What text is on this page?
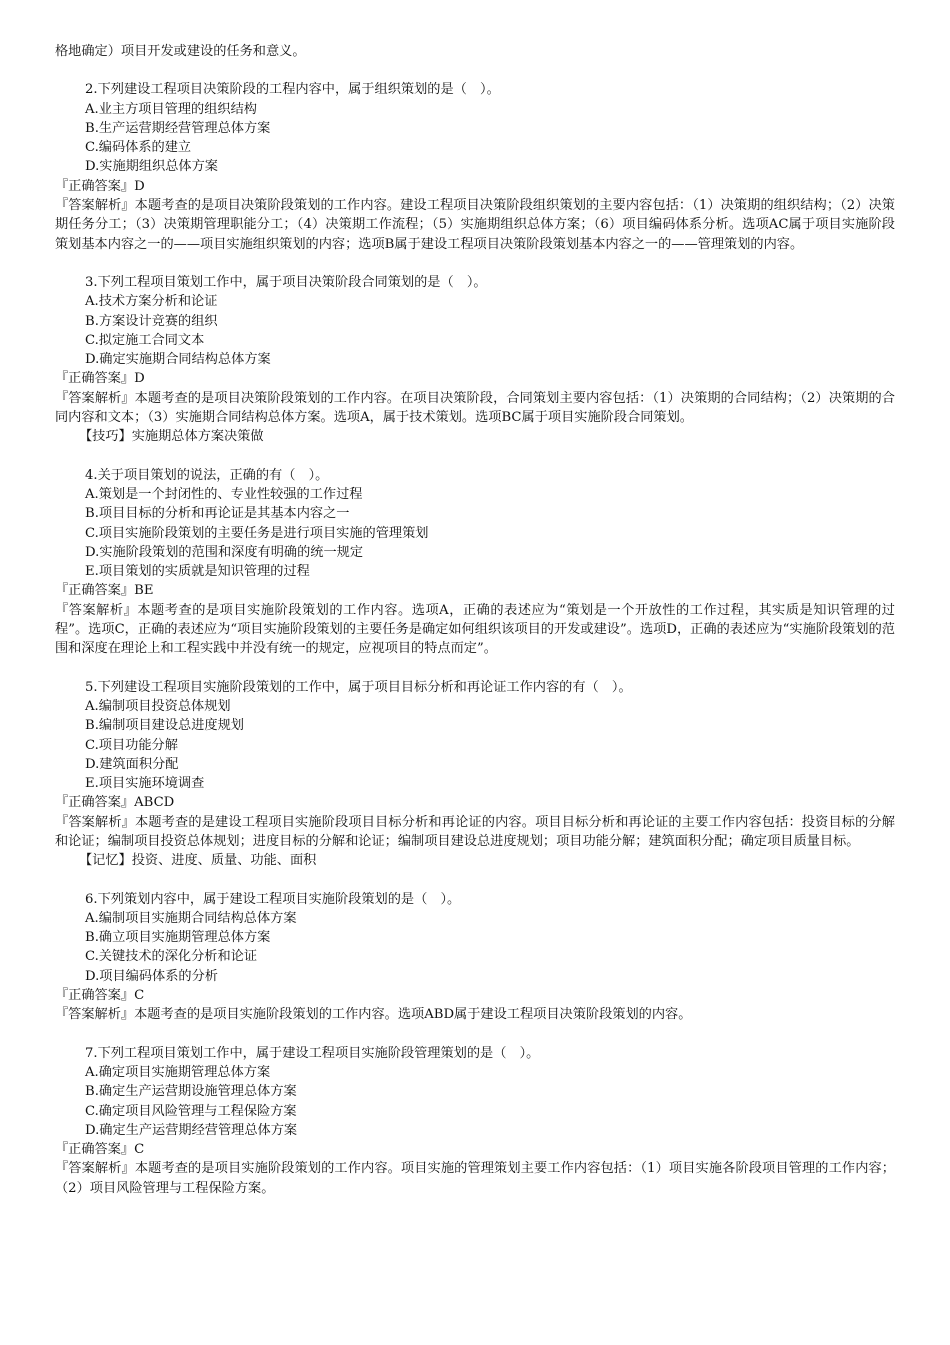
格地确定）项目开发或建设的任务和意义。
2.下列建设工程项目决策阶段的工程内容中，属于组织策划的是（　）。
A.业主方项目管理的组织结构
B.生产运营期经营管理总体方案
C.编码体系的建立
D.实施期组织总体方案
『正确答案』D
『答案解析』本题考查的是项目决策阶段策划的工作内容。建设工程项目决策阶段组织策划的主要内容包括：（1）决策期的组织结构；（2）决策期任务分工；（3）决策期管理职能分工；（4）决策期工作流程；（5）实施期组织总体方案；（6）项目编码体系分析。选项AC属于项目实施阶段策划基本内容之一的——项目实施组织策划的内容；选项B属于建设工程项目决策阶段策划基本内容之一的——管理策划的内容。
3.下列工程项目策划工作中，属于项目决策阶段合同策划的是（　）。
A.技术方案分析和论证
B.方案设计竞赛的组织
C.拟定施工合同文本
D.确定实施期合同结构总体方案
『正确答案』D
『答案解析』本题考查的是项目决策阶段策划的工作内容。在项目决策阶段，合同策划主要内容包括：（1）决策期的合同结构；（2）决策期的合同内容和文本；（3）实施期合同结构总体方案。选项A，属于技术策划。选项BC属于项目实施阶段合同策划。
【技巧】实施期总体方案决策做
4.关于项目策划的说法，正确的有（　）。
A.策划是一个封闭性的、专业性较强的工作过程
B.项目目标的分析和再论证是其基本内容之一
C.项目实施阶段策划的主要任务是进行项目实施的管理策划
D.实施阶段策划的范围和深度有明确的统一规定
E.项目策划的实质就是知识管理的过程
『正确答案』BE
『答案解析』本题考查的是项目实施阶段策划的工作内容。选项A，正确的表述应为“策划是一个开放性的工作过程，其实质是知识管理的过程”。选项C，正确的表述应为“项目实施阶段策划的主要任务是确定如何组织该项目的开发或建设”。选项D，正确的表述应为“实施阶段策划的范围和深度在理论上和工程实践中并没有统一的规定，应视项目的特点而定”。
5.下列建设工程项目实施阶段策划的工作中，属于项目目标分析和再论证工作内容的有（　）。
A.编制项目投资总体规划
B.编制项目建设总进度规划
C.项目功能分解
D.建筑面积分配
E.项目实施环境调查
『正确答案』ABCD
『答案解析』本题考查的是建设工程项目实施阶段项目目标分析和再论证的内容。项目目标分析和再论证的主要工作内容包括：投资目标的分解和论证；编制项目投资总体规划；进度目标的分解和论证；编制项目建设总进度规划；项目功能分解；建筑面积分配；确定项目质量目标。
【记忆】投资、进度、质量、功能、面积
6.下列策划内容中，属于建设工程项目实施阶段策划的是（　）。
A.编制项目实施期合同结构总体方案
B.确立项目实施期管理总体方案
C.关键技术的深化分析和论证
D.项目编码体系的分析
『正确答案』C
『答案解析』本题考查的是项目实施阶段策划的工作内容。选项ABD属于建设工程项目决策阶段策划的内容。
7.下列工程项目策划工作中，属于建设工程项目实施阶段管理策划的是（　）。
A.确定项目实施期管理总体方案
B.确定生产运营期设施管理总体方案
C.确定项目风险管理与工程保险方案
D.确定生产运营期经营管理总体方案
『正确答案』C
『答案解析』本题考查的是项目实施阶段策划的工作内容。项目实施的管理策划主要工作内容包括：（1）项目实施各阶段项目管理的工作内容；（2）项目风险管理与工程保险方案。
